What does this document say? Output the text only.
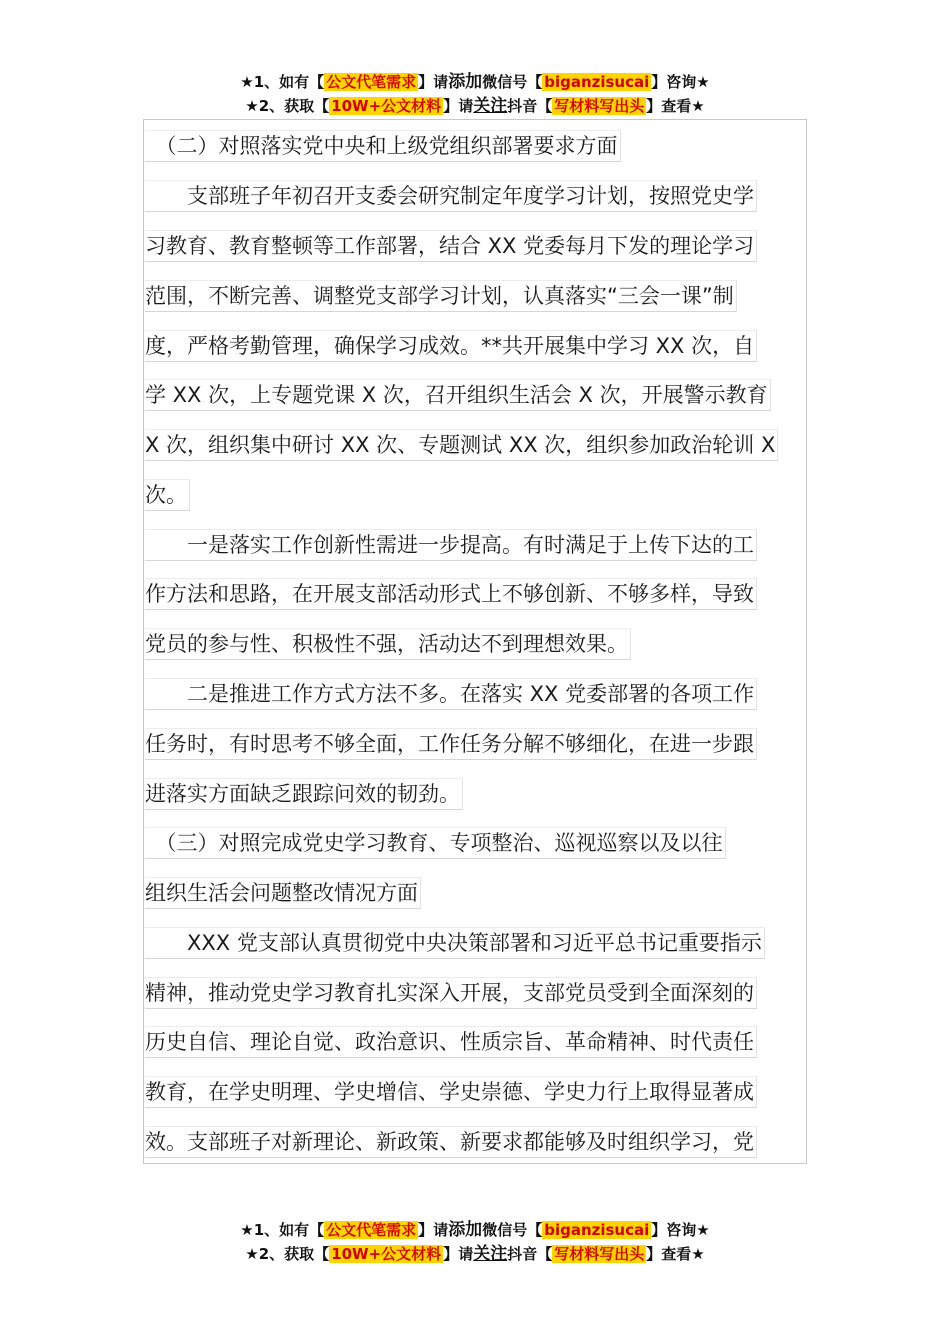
★1、如有【 公文代笔需求 】请添加微信号【 biganzisucai 】咨询★
★2、获取【 10W+公文材料 】请关注抖音【 写材料写出头 】查看★
　（二）对照落实党中央和上级党组织部署要求方面
　　支部班子年初召开支委会研究制定年度学习计划，按照党史学
习教育、教育整顿等工作部署，结合 XX 党委每月下发的理论学习
范围，不断完善、调整党支部学习计划，认真落实“三会一课”制
度，严格考勤管理，确保学习成效。**共开展集中学习 XX 次，自
学 XX 次，上专题党课 X 次，召开组织生活会 X 次，开展警示教育
X 次，组织集中研讨 XX 次、专题测试 XX 次，组织参加政治轮训 X
次。
　　一是落实工作创新性需进一步提高。有时满足于上传下达的工
作方法和思路，在开展支部活动形式上不够创新、不够多样，导致
党员的参与性、积极性不强，活动达不到理想效果。
　　二是推进工作方式方法不多。在落实 XX 党委部署的各项工作
任务时，有时思考不够全面，工作任务分解不够细化，在进一步跟
进落实方面缺乏跟踪问效的韧劲。
　（三）对照完成党史学习教育、专项整治、巡视巡察以及以往
组织生活会问题整改情况方面
　　XXX 党支部认真贯彻党中央决策部署和习近平总书记重要指示
精神，推动党史学习教育扎实深入开展，支部党员受到全面深刻的
历史自信、理论自觉、政治意识、性质宗旨、革命精神、时代责任
教育，在学史明理、学史增信、学史崇德、学史力行上取得显著成
效。支部班子对新理论、新政策、新要求都能够及时组织学习，党
★1、如有【 公文代笔需求 】请添加微信号【 biganzisucai 】咨询★
★2、获取【 10W+公文材料 】请关注抖音【 写材料写出头 】查看★
